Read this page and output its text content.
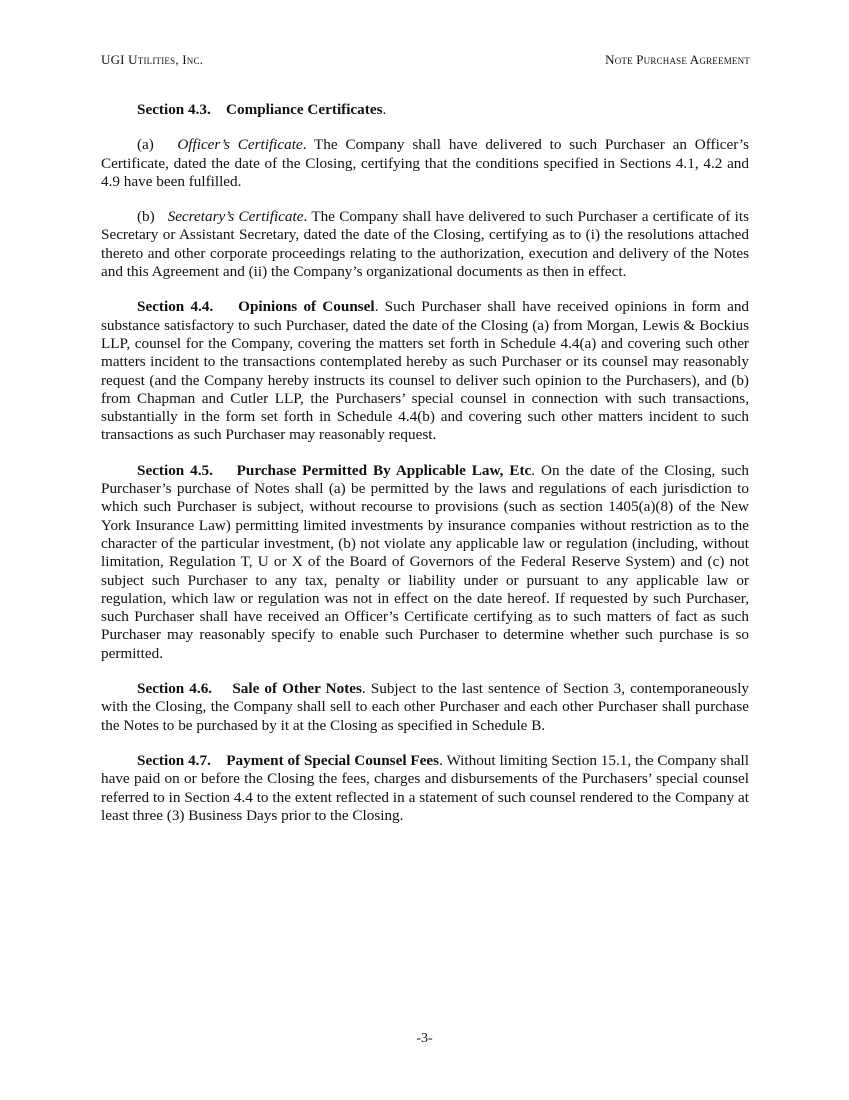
UGI Utilities, Inc.	Note Purchase Agreement

Section 4.3. Compliance Certificates.

(a) Officer’s Certificate. The Company shall have delivered to such Purchaser an Officer’s Certificate, dated the date of the Closing, certifying that the conditions specified in Sections 4.1, 4.2 and 4.9 have been fulfilled.

(b) Secretary’s Certificate. The Company shall have delivered to such Purchaser a certificate of its Secretary or Assistant Secretary, dated the date of the Closing, certifying as to (i) the resolutions attached thereto and other corporate proceedings relating to the authorization, execution and delivery of the Notes and this Agreement and (ii) the Company’s organizational documents as then in effect.

Section 4.4. Opinions of Counsel. Such Purchaser shall have received opinions in form and substance satisfactory to such Purchaser, dated the date of the Closing (a) from Morgan, Lewis & Bockius LLP, counsel for the Company, covering the matters set forth in Schedule 4.4(a) and covering such other matters incident to the transactions contemplated hereby as such Purchaser or its counsel may reasonably request (and the Company hereby instructs its counsel to deliver such opinion to the Purchasers), and (b) from Chapman and Cutler LLP, the Purchasers’ special counsel in connection with such transactions, substantially in the form set forth in Schedule 4.4(b) and covering such other matters incident to such transactions as such Purchaser may reasonably request.

Section 4.5. Purchase Permitted By Applicable Law, Etc. On the date of the Closing, such Purchaser’s purchase of Notes shall (a) be permitted by the laws and regulations of each jurisdiction to which such Purchaser is subject, without recourse to provisions (such as section 1405(a)(8) of the New York Insurance Law) permitting limited investments by insurance companies without restriction as to the character of the particular investment, (b) not violate any applicable law or regulation (including, without limitation, Regulation T, U or X of the Board of Governors of the Federal Reserve System) and (c) not subject such Purchaser to any tax, penalty or liability under or pursuant to any applicable law or regulation, which law or regulation was not in effect on the date hereof. If requested by such Purchaser, such Purchaser shall have received an Officer’s Certificate certifying as to such matters of fact as such Purchaser may reasonably specify to enable such Purchaser to determine whether such purchase is so permitted.

Section 4.6. Sale of Other Notes. Subject to the last sentence of Section 3, contemporaneously with the Closing, the Company shall sell to each other Purchaser and each other Purchaser shall purchase the Notes to be purchased by it at the Closing as specified in Schedule B.

Section 4.7. Payment of Special Counsel Fees. Without limiting Section 15.1, the Company shall have paid on or before the Closing the fees, charges and disbursements of the Purchasers’ special counsel referred to in Section 4.4 to the extent reflected in a statement of such counsel rendered to the Company at least three (3) Business Days prior to the Closing.

-3-
